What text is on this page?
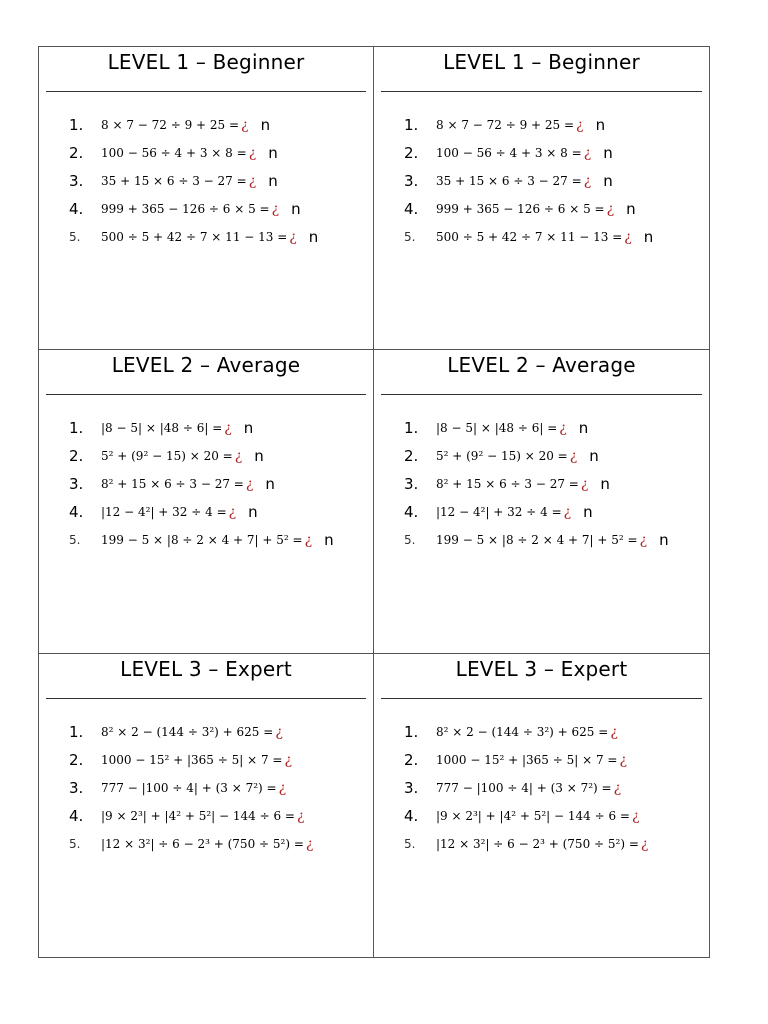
LEVEL 1 – Beginner
1.	8 × 7 − 72 ÷ 9 + 25 = ¿ n
2.	100 − 56 ÷ 4 + 3 × 8 = ¿ n
3.	35 + 15 × 6 ÷ 3 − 27 = ¿ n
4.	999 + 365 − 126 ÷ 6 × 5 = ¿ n
5.	500 ÷ 5 + 42 ÷ 7 × 11 − 13 = ¿ n
LEVEL 1 – Beginner
1.	8 × 7 − 72 ÷ 9 + 25 = ¿ n
2.	100 − 56 ÷ 4 + 3 × 8 = ¿ n
3.	35 + 15 × 6 ÷ 3 − 27 = ¿ n
4.	999 + 365 − 126 ÷ 6 × 5 = ¿ n
5.	500 ÷ 5 + 42 ÷ 7 × 11 − 13 = ¿ n
LEVEL 2 – Average
1.	|8 − 5| × |48 ÷ 6| = ¿ n
2.	5² + (9² − 15) × 20 = ¿ n
3.	8² + 15 × 6 ÷ 3 − 27 = ¿ n
4.	|12 − 4²| + 32 ÷ 4 = ¿ n
5.	199 − 5 × |8 ÷ 2 × 4 + 7| + 5² = ¿ n
LEVEL 2 – Average
1.	|8 − 5| × |48 ÷ 6| = ¿ n
2.	5² + (9² − 15) × 20 = ¿ n
3.	8² + 15 × 6 ÷ 3 − 27 = ¿ n
4.	|12 − 4²| + 32 ÷ 4 = ¿ n
5.	199 − 5 × |8 ÷ 2 × 4 + 7| + 5² = ¿ n
LEVEL 3 – Expert
1.	8² × 2 − (144 ÷ 3²) + 625 = ¿
2.	1000 − 15² + |365 ÷ 5| × 7 = ¿
3.	777 − |100 ÷ 4| + (3 × 7²) = ¿
4.	|9 × 2³| + |4² + 5²| − 144 ÷ 6 = ¿
5.	|12 × 3²| ÷ 6 − 2³ + (750 ÷ 5²) = ¿
LEVEL 3 – Expert
1.	8² × 2 − (144 ÷ 3²) + 625 = ¿
2.	1000 − 15² + |365 ÷ 5| × 7 = ¿
3.	777 − |100 ÷ 4| + (3 × 7²) = ¿
4.	|9 × 2³| + |4² + 5²| − 144 ÷ 6 = ¿
5.	|12 × 3²| ÷ 6 − 2³ + (750 ÷ 5²) = ¿
